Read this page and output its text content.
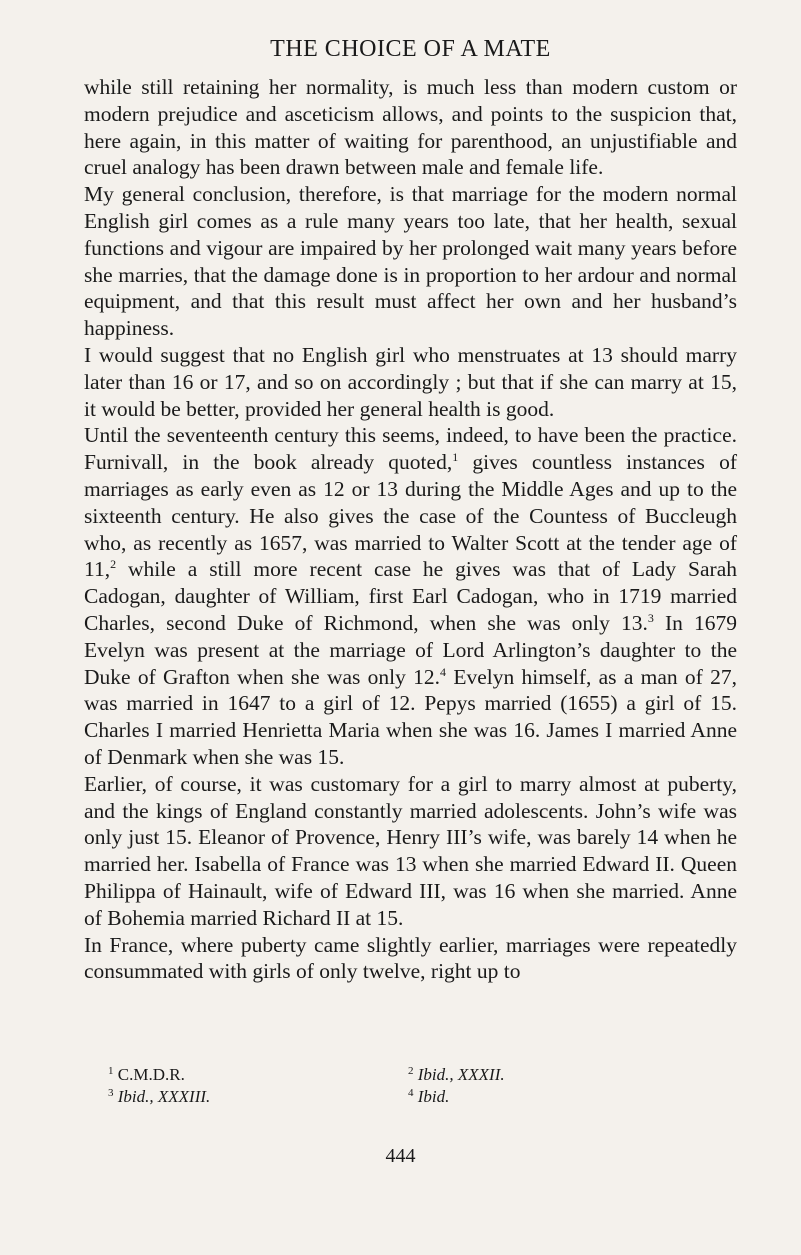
THE CHOICE OF A MATE

while still retaining her normality, is much less than modern custom or modern prejudice and asceticism allows, and points to the suspicion that, here again, in this matter of waiting for parenthood, an unjustifiable and cruel analogy has been drawn between male and female life.

My general conclusion, therefore, is that marriage for the modern normal English girl comes as a rule many years too late, that her health, sexual functions and vigour are impaired by her prolonged wait many years before she marries, that the damage done is in proportion to her ardour and normal equipment, and that this result must affect her own and her husband’s happiness.

I would suggest that no English girl who menstruates at 13 should marry later than 16 or 17, and so on accordingly ; but that if she can marry at 15, it would be better, provided her general health is good.

Until the seventeenth century this seems, indeed, to have been the practice. Furnivall, in the book already quoted,$^1$ gives countless instances of marriages as early even as 12 or 13 during the Middle Ages and up to the sixteenth century. He also gives the case of the Countess of Buccleugh who, as recently as 1657, was married to Walter Scott at the tender age of 11,$^2$ while a still more recent case he gives was that of Lady Sarah Cadogan, daughter of William, first Earl Cadogan, who in 1719 married Charles, second Duke of Richmond, when she was only 13.$^3$ In 1679 Evelyn was present at the marriage of Lord Arlington’s daughter to the Duke of Grafton when she was only 12.$^4$ Evelyn himself, as a man of 27, was married in 1647 to a girl of 12. Pepys married (1655) a girl of 15. Charles I married Henrietta Maria when she was 16. James I married Anne of Denmark when she was 15.

Earlier, of course, it was customary for a girl to marry almost at puberty, and the kings of England constantly married adolescents. John’s wife was only just 15. Eleanor of Provence, Henry III’s wife, was barely 14 when he married her. Isabella of France was 13 when she married Edward II. Queen Philippa of Hainault, wife of Edward III, was 16 when she married. Anne of Bohemia married Richard II at 15.

In France, where puberty came slightly earlier, marriages were repeatedly consummated with girls of only twelve, right up to

$^1$ C.M.D.R.	$^2$ Ibid., XXXII.
$^3$ Ibid., XXXIII.	$^4$ Ibid.
444
